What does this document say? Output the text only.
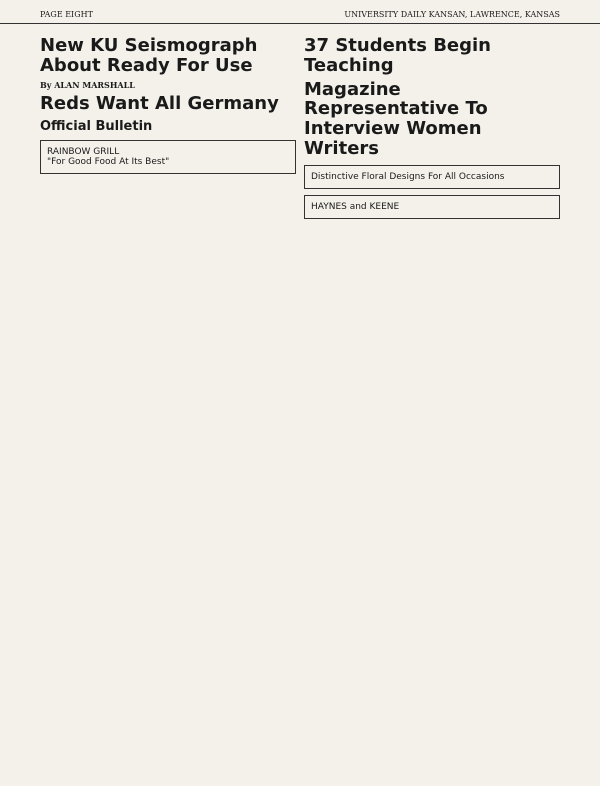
PAGE EIGHT	UNIVERSITY DAILY KANSAN, LAWRENCE, KANSAS
New KU Seismograph About Ready For Use
By ALAN MARSHALL
Reds Want All Germany
Official Bulletin
RAINBOW GRILL
"For Good Food At Its Best"
37 Students Begin Teaching
Magazine Representative To Interview Women Writers
Distinctive Floral Designs For All Occasions
HAYNES and KEENE
